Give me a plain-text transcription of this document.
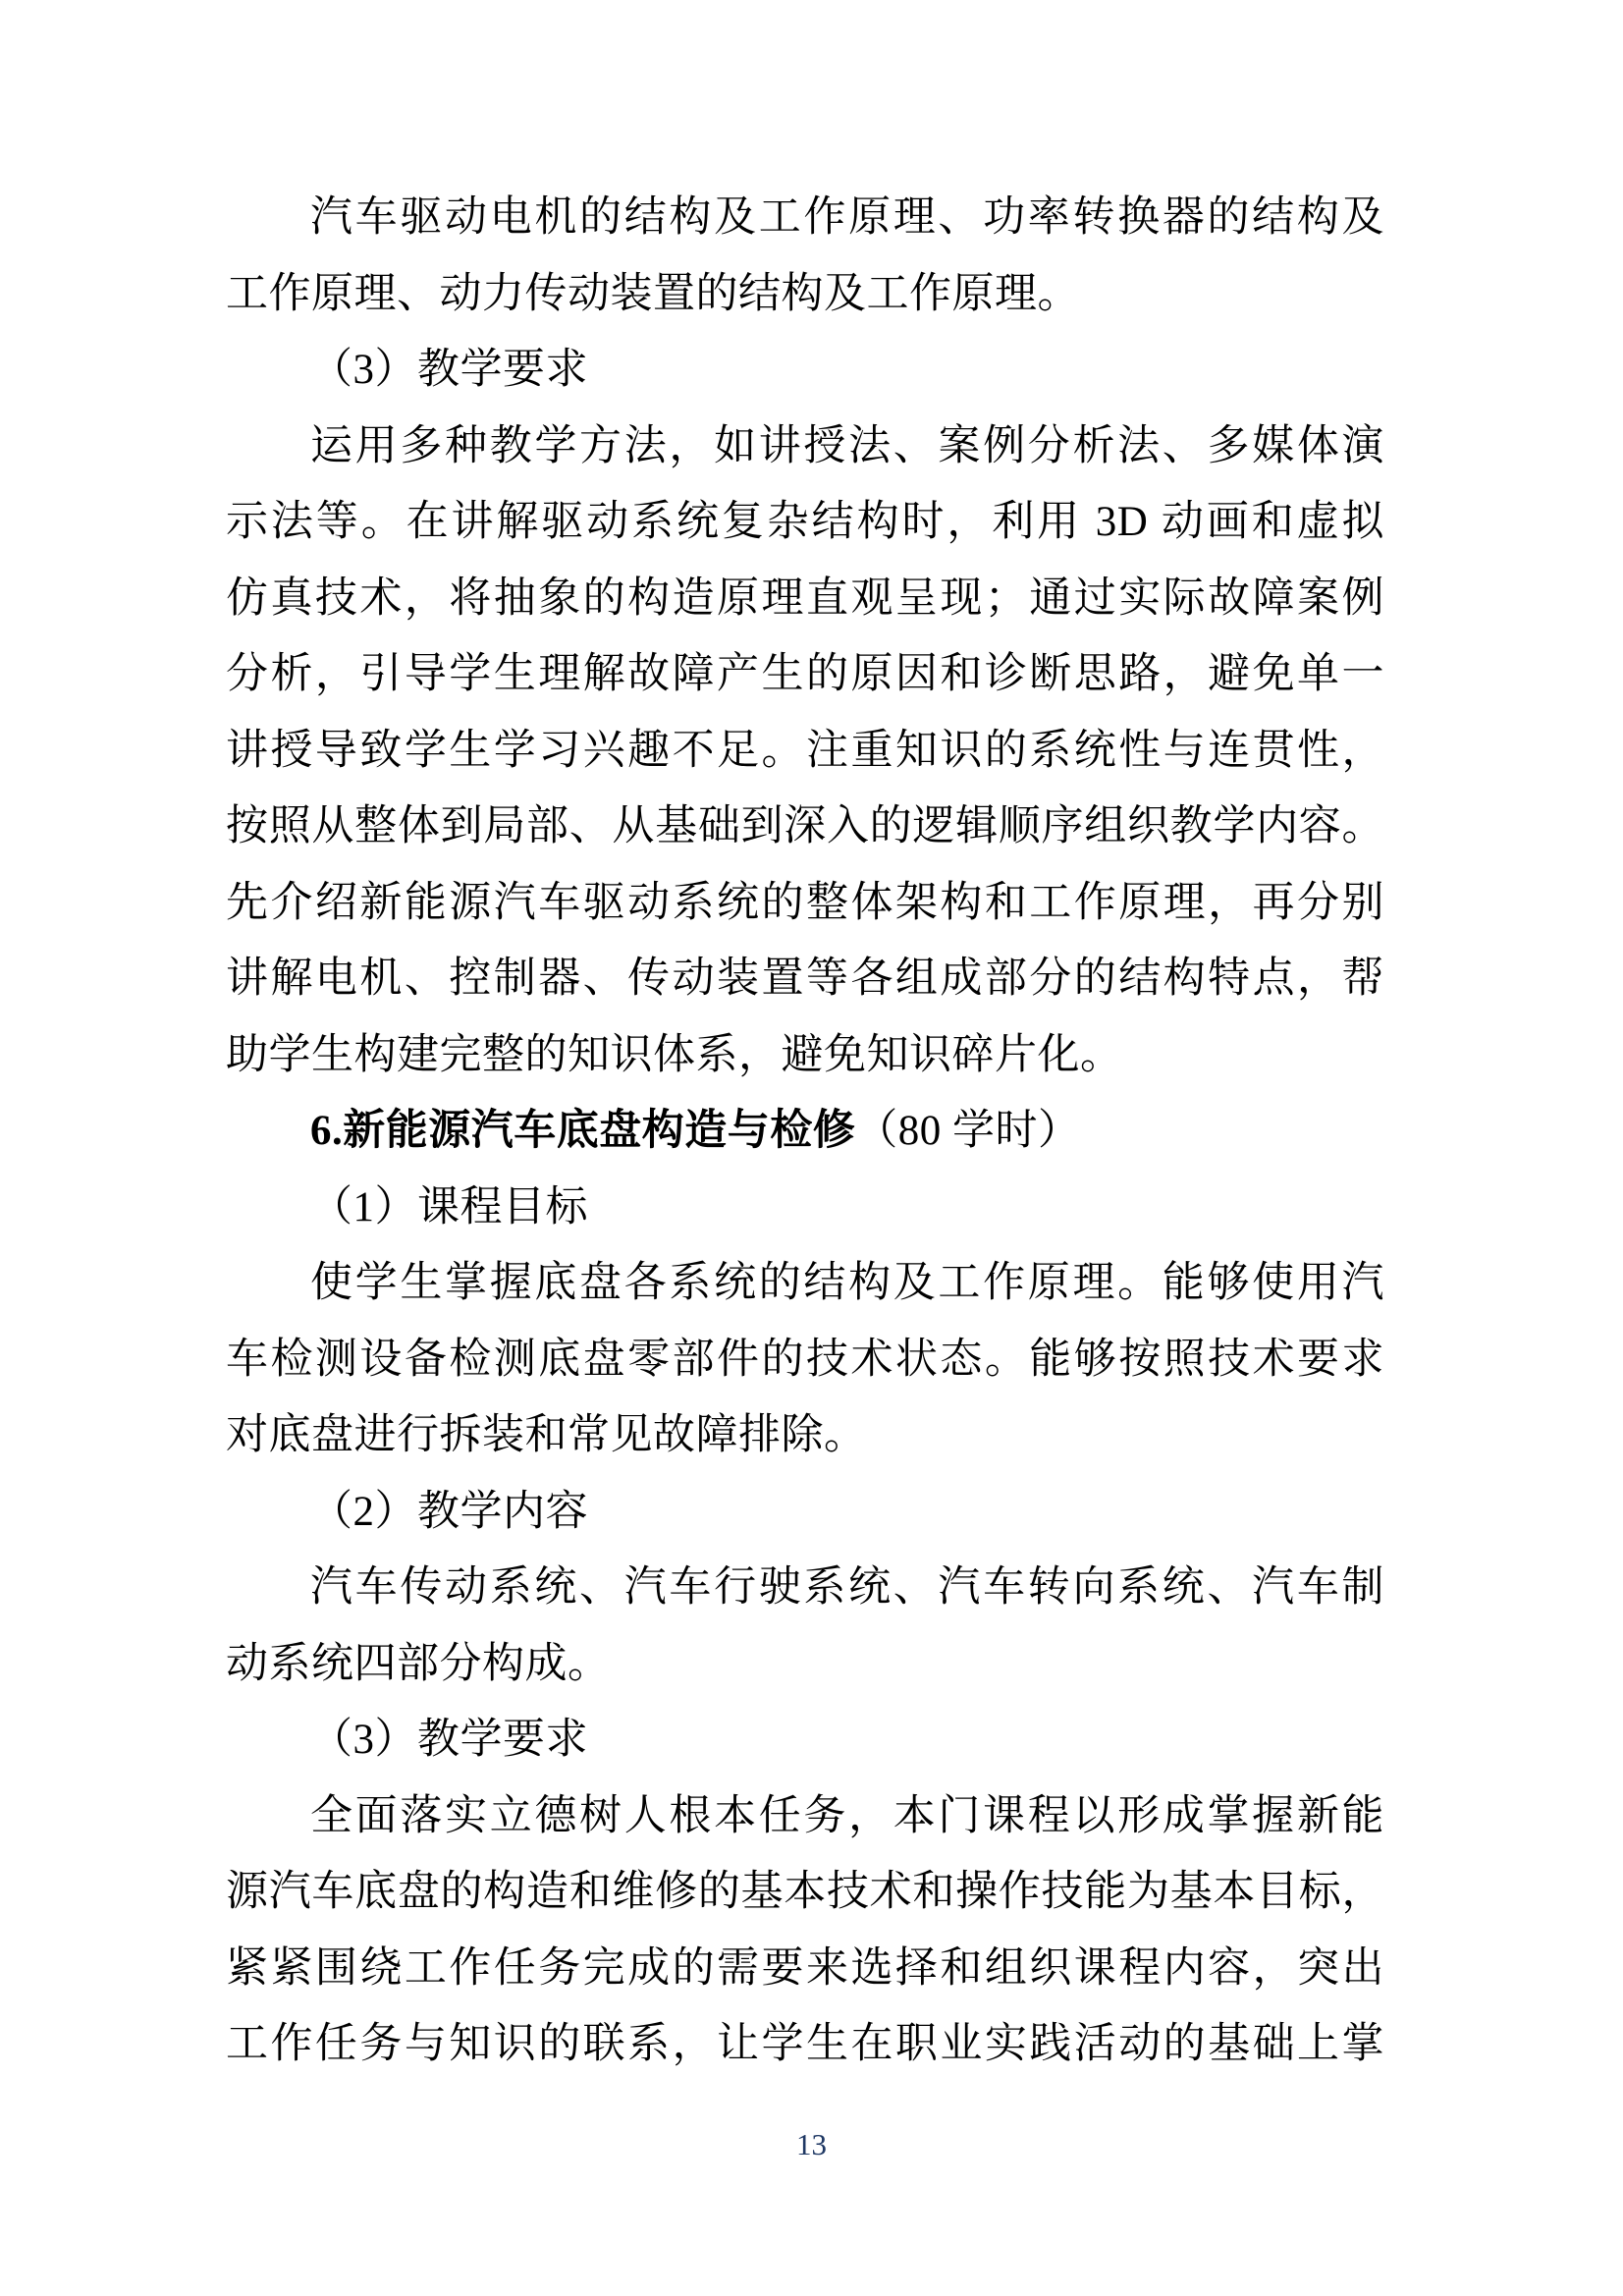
汽车驱动电机的结构及工作原理、功率转换器的结构及
工作原理、动力传动装置的结构及工作原理。
（3）教学要求
运用多种教学方法，如讲授法、案例分析法、多媒体演
示法等。在讲解驱动系统复杂结构时，利用 3D 动画和虚拟
仿真技术，将抽象的构造原理直观呈现；通过实际故障案例
分析，引导学生理解故障产生的原因和诊断思路，避免单一
讲授导致学生学习兴趣不足。注重知识的系统性与连贯性，
按照从整体到局部、从基础到深入的逻辑顺序组织教学内容。
先介绍新能源汽车驱动系统的整体架构和工作原理，再分别
讲解电机、控制器、传动装置等各组成部分的结构特点，帮
助学生构建完整的知识体系，避免知识碎片化。
6.新能源汽车底盘构造与检修（80 学时）
（1）课程目标
使学生掌握底盘各系统的结构及工作原理。能够使用汽
车检测设备检测底盘零部件的技术状态。能够按照技术要求
对底盘进行拆装和常见故障排除。
（2）教学内容
汽车传动系统、汽车行驶系统、汽车转向系统、汽车制
动系统四部分构成。
（3）教学要求
全面落实立德树人根本任务，本门课程以形成掌握新能
源汽车底盘的构造和维修的基本技术和操作技能为基本目标，
紧紧围绕工作任务完成的需要来选择和组织课程内容，突出
工作任务与知识的联系，让学生在职业实践活动的基础上掌
13
